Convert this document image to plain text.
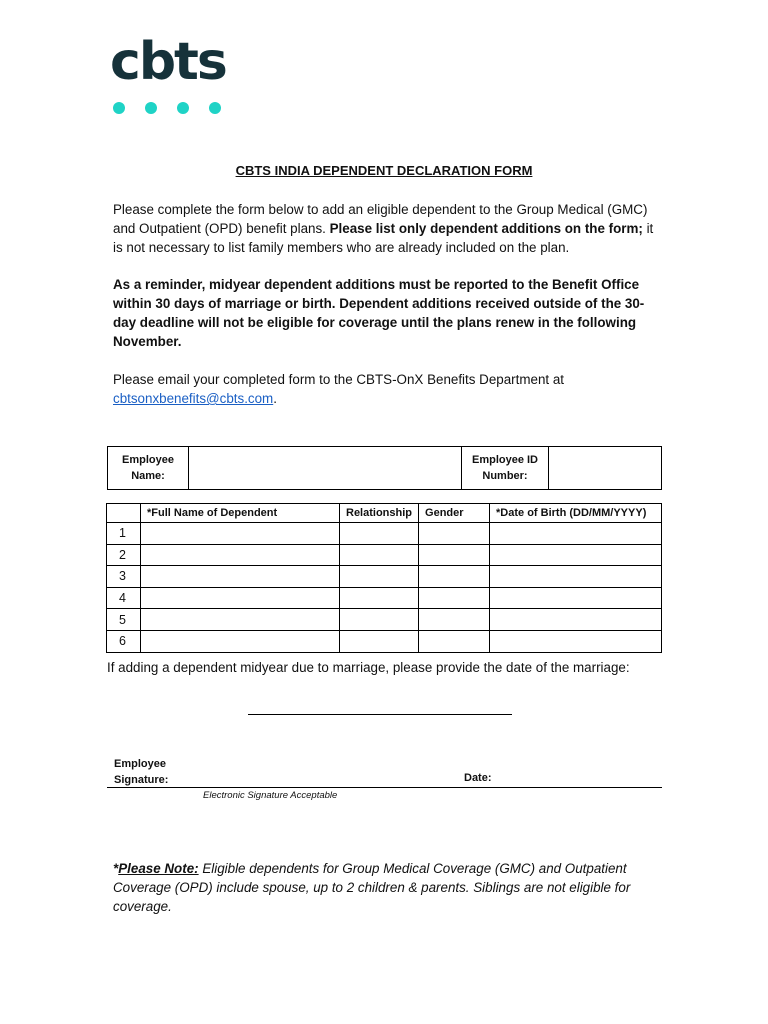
cbts
CBTS INDIA DEPENDENT DECLARATION FORM
Please complete the form below to add an eligible dependent to the Group Medical (GMC) and Outpatient (OPD) benefit plans. Please list only dependent additions on the form; it is not necessary to list family members who are already included on the plan.
As a reminder, midyear dependent additions must be reported to the Benefit Office within 30 days of marriage or birth. Dependent additions received outside of the 30-day deadline will not be eligible for coverage until the plans renew in the following November.
Please email your completed form to the CBTS-OnX Benefits Department at
cbtsonxbenefits@cbts.com.
Employee
Name:		Employee ID
Number:	
	*Full Name of Dependent	Relationship	Gender	*Date of Birth (DD/MM/YYYY)
1				
2				
3				
4				
5				
6				
If adding a dependent midyear due to marriage, please provide the date of the marriage:
Employee
Signature:	Date:
Electronic Signature Acceptable
*Please Note: Eligible dependents for Group Medical Coverage (GMC) and Outpatient Coverage (OPD) include spouse, up to 2 children & parents. Siblings are not eligible for coverage.
